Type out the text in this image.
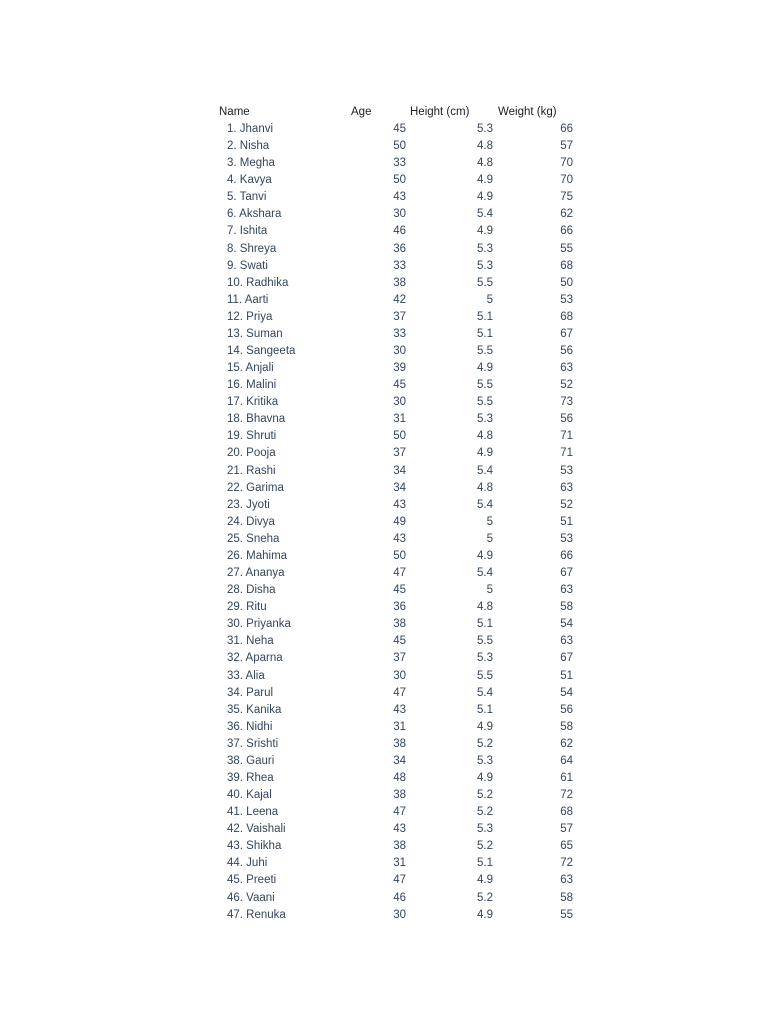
Name	Age	Height (cm) Weight (kg)
1. Jhanvi	45	5.3	66
2. Nisha	50	4.8	57
3. Megha	33	4.8	70
4. Kavya	50	4.9	70
5. Tanvi	43	4.9	75
6. Akshara	30	5.4	62
7. Ishita	46	4.9	66
8. Shreya	36	5.3	55
9. Swati	33	5.3	68
10. Radhika	38	5.5	50
11. Aarti	42	5	53
12. Priya	37	5.1	68
13. Suman	33	5.1	67
14. Sangeeta	30	5.5	56
15. Anjali	39	4.9	63
16. Malini	45	5.5	52
17. Kritika	30	5.5	73
18. Bhavna	31	5.3	56
19. Shruti	50	4.8	71
20. Pooja	37	4.9	71
21. Rashi	34	5.4	53
22. Garima	34	4.8	63
23. Jyoti	43	5.4	52
24. Divya	49	5	51
25. Sneha	43	5	53
26. Mahima	50	4.9	66
27. Ananya	47	5.4	67
28. Disha	45	5	63
29. Ritu	36	4.8	58
30. Priyanka	38	5.1	54
31. Neha	45	5.5	63
32. Aparna	37	5.3	67
33. Alia	30	5.5	51
34. Parul	47	5.4	54
35. Kanika	43	5.1	56
36. Nidhi	31	4.9	58
37. Srishti	38	5.2	62
38. Gauri	34	5.3	64
39. Rhea	48	4.9	61
40. Kajal	38	5.2	72
41. Leena	47	5.2	68
42. Vaishali	43	5.3	57
43. Shikha	38	5.2	65
44. Juhi	31	5.1	72
45. Preeti	47	4.9	63
46. Vaani	46	5.2	58
47. Renuka	30	4.9	55
